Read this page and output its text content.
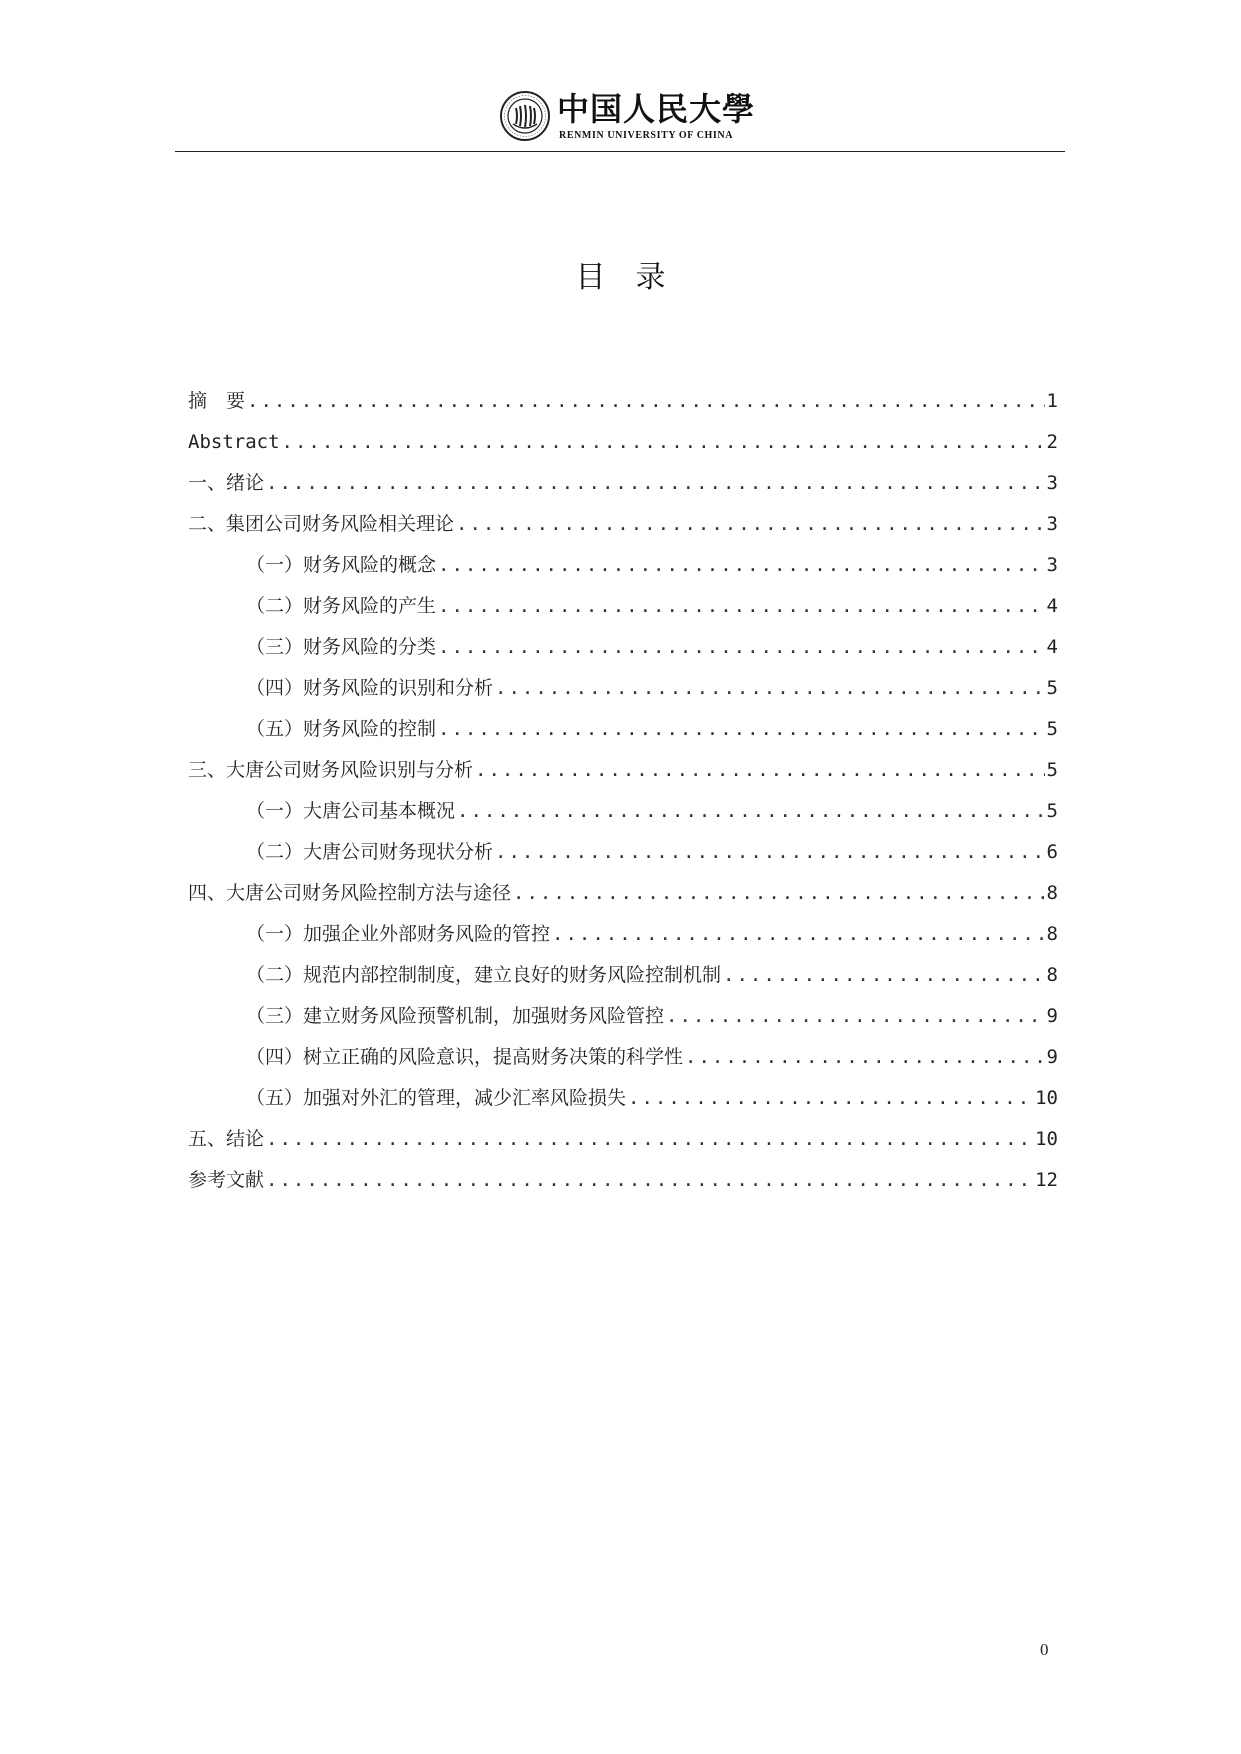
中国人民大學
RENMIN UNIVERSITY OF CHINA
目录
摘　要 .....	1
Abstract .....	2
一、绪论 .....	3
二、集团公司财务风险相关理论 .....	3
（一）财务风险的概念 .....	3
（二）财务风险的产生 .....	4
（三）财务风险的分类 .....	4
（四）财务风险的识别和分析 .....	5
（五）财务风险的控制 .....	5
三、大唐公司财务风险识别与分析 .....	5
（一）大唐公司基本概况 .....	5
（二）大唐公司财务现状分析 .....	6
四、大唐公司财务风险控制方法与途径 .....	8
（一）加强企业外部财务风险的管控 .....	8
（二）规范内部控制制度，建立良好的财务风险控制机制 .....	8
（三）建立财务风险预警机制，加强财务风险管控 .....	9
（四）树立正确的风险意识，提高财务决策的科学性 .....	9
（五）加强对外汇的管理，减少汇率风险损失 .....	10
五、结论 .....	10
参考文献 .....	12
0
